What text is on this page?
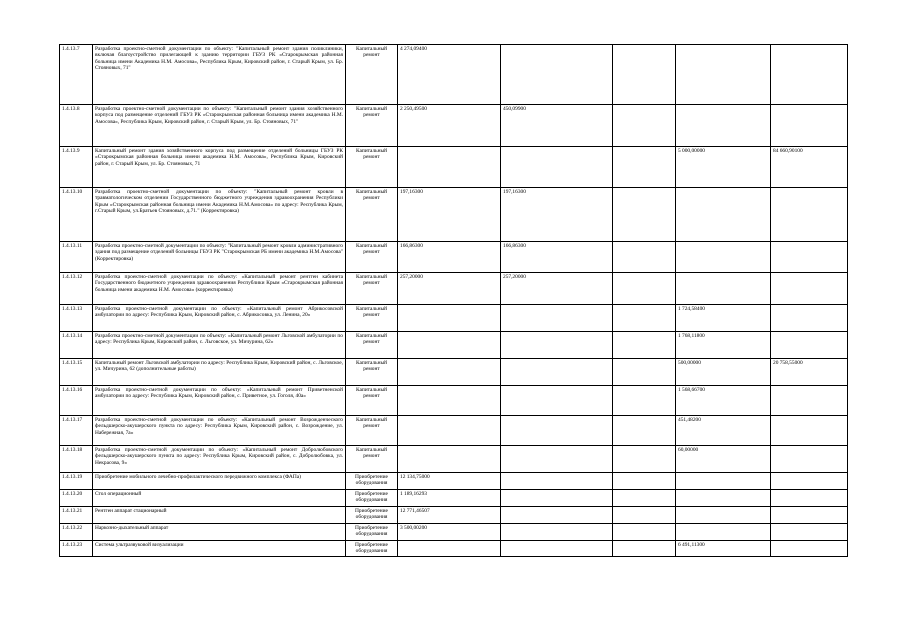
1.4.13.7	Разработка проектно-сметной документации по объекту: "Капитальный ремонт здания поликлиники, включая благоустройство прилегающей к зданию территории ГБУЗ РК «Старокрымская районная больница имени Академика Н.М. Амосова», Республика Крым, Кировский район, г. Старый Крым, ул. Бр. Стояновых, 71"	Капитальный ремонт	4 274,09400				
1.4.13.8	Разработка проектно-сметной документации по объекту: "Капитальный ремонт здания хозяйственного корпуса под размещение отделений ГБУЗ РК «Старокрымская районная больница имени академика Н.М. Амосова», Республика Крым, Кировский район, г. Старый Крым, ул. Бр. Стояновых, 71"	Капитальный ремонт	2 250,49500	450,09900			
1.4.13.9	Капитальный ремонт здания хозяйственного корпуса под размещение отделений больницы ГБУЗ РК «Старокрымская районная больница имени академика Н.М. Амосова», Республика Крым, Кировский район, г. Старый Крым, ул. Бр. Стояновых, 71	Капитальный ремонт				5 000,00000	84 660,90100
1.4.13.10	Разработка проектно-сметной документации по объекту: "Капитальный ремонт кровли в травматологическом отделении Государственного бюджетного учреждения здравоохранения Республики Крым «Старокрымская районная больница имени Академика Н.М.Амосова» по адресу: Республика Крым, г.Старый Крым, ул.Братьев Стояновых, д.71." (Корректировка)	Капитальный ремонт	197,16300	197,16300			
1.4.13.11	Разработка проектно-сметной документации по объекту: "Капитальный ремонт кровли административного здания под размещение отделений больницы ГБУЗ РК "Старокрымская РБ имени академика Н.М.Амосова" (Корректировка)	Капитальный ремонт	166,86300	166,86300			
1.4.13.12	Разработка проектно-сметной документации по объекту: «Капитальный ремонт рентген кабинета Государственного бюджетного учреждения здравоохранения Республики Крым «Старокрымская районная больница имени академика Н.М. Амосова» (корректировка)	Капитальный ремонт	257,20000	257,20000			
1.4.13.13	Разработка проектно-сметной документации по объекту: «Капитальный ремонт Абрикосовской амбулатории по адресу: Республика Крым, Кировский район, с. Абрикосовка, ул. Ленина, 20»	Капитальный ремонт				1 724,58400	
1.4.13.14	Разработка проектно-сметной документации по объекту: «Капитальный ремонт Льговской амбулатории по адресу: Республика Крым, Кировский район, с. Льговское, ул. Мичурина, 62»	Капитальный ремонт				1 768,11800	
1.4.13.15	Капитальный ремонт Льговской амбулатории по адресу: Республика Крым, Кировский район, с. Льговское, ул. Мичурина, 62 (дополнительные работы)	Капитальный ремонт				500,00000	20 758,55000
1.4.13.16	Разработка проектно-сметной документации по объекту: «Капитальный ремонт Приветненской амбулатории по адресу: Республика Крым, Кировский район, с. Приветное, ул. Гоголя, 40а»	Капитальный ремонт				1 568,66700	
1.4.13.17	Разработка проектно-сметной документации по объекту: «Капитальный ремонт Возрожденческого фельдшерско-акушерского пункта по адресу: Республика Крым, Кировский район, с. Возрождение, ул. Набережная, 7а»	Капитальный ремонт				451,48200	
1.4.13.18	Разработка проектно-сметной документации по объекту: «Капитальный ремонт Добролюбовского фельдшерско-акушерского пункта по адресу: Республика Крым, Кировский район, с. Добролюбовка, ул. Некрасова, 9»	Капитальный ремонт				60,00000	
1.4.13.19	Приобретение мобильного лечебно-профилактического передвижного комплекса (ФАПа)	Приобретение оборудования	12 134,75000				
1.4.13.20	Стол операционный	Приобретение оборудования	1 189,16293				
1.4.13.21	Рентген аппарат стационарный	Приобретение оборудования	12 771,46507				
1.4.13.22	Наркозно-дыхательный аппарат	Приобретение оборудования	3 500,00200				
1.4.13.23	Система ультразвуковой визуализации	Приобретение оборудования				6 491,11300	
